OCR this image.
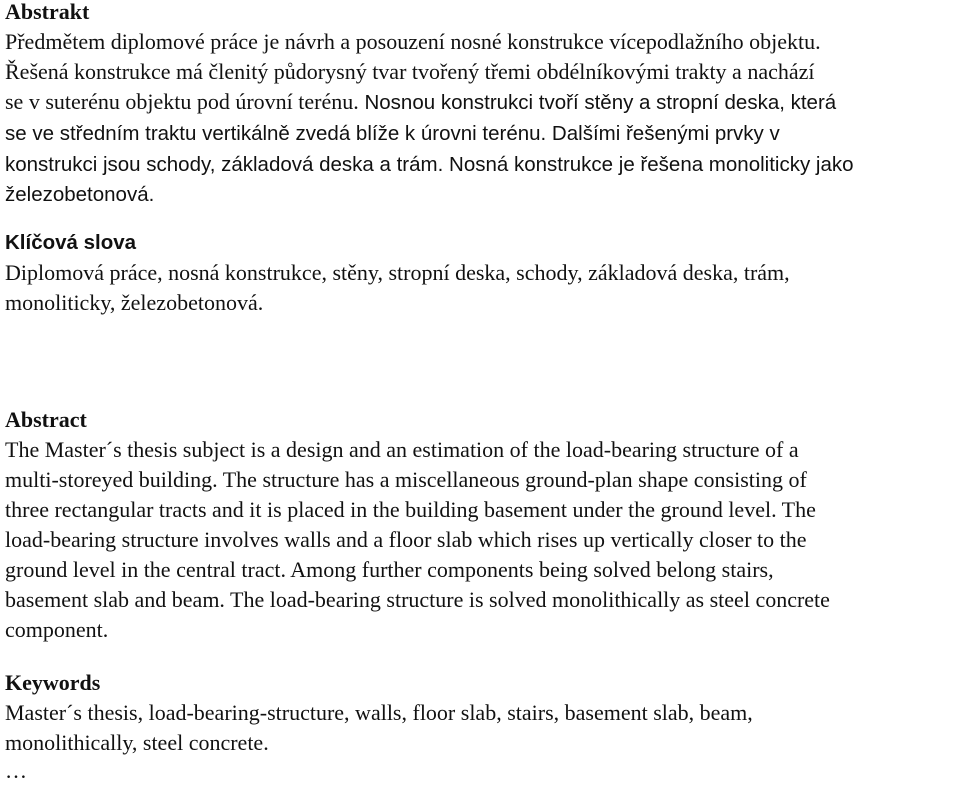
Abstrakt
Předmětem diplomové práce je návrh a posouzení nosné konstrukce vícepodlažního objektu.
Řešená konstrukce má členitý půdorysný tvar tvořený třemi obdélníkovými trakty a nachází
se v suterénu objektu pod úrovní terénu. Nosnou konstrukci tvoří stěny a stropní deska, která
se ve středním traktu vertikálně zvedá blíže k úrovni terénu. Dalšími řešenými prvky v
konstrukci jsou schody, základová deska a trám. Nosná konstrukce je řešena monoliticky jako
železobetonová.
Klíčová slova
Diplomová práce, nosná konstrukce, stěny, stropní deska, schody, základová deska, trám,
monoliticky, železobetonová.
Abstract
The Master´s thesis subject is a design and an estimation of the load-bearing structure of a
multi-storeyed building. The structure has a miscellaneous ground-plan shape consisting of
three rectangular tracts and it is placed in the building basement under the ground level. The
load-bearing structure involves walls and a floor slab which rises up vertically closer to the
ground level in the central tract. Among further components being solved belong stairs,
basement slab and beam. The load-bearing structure is solved monolithically as steel concrete
component.
Keywords
Master´s thesis, load-bearing-structure, walls, floor slab, stairs, basement slab, beam,
monolithically, steel concrete.
…
